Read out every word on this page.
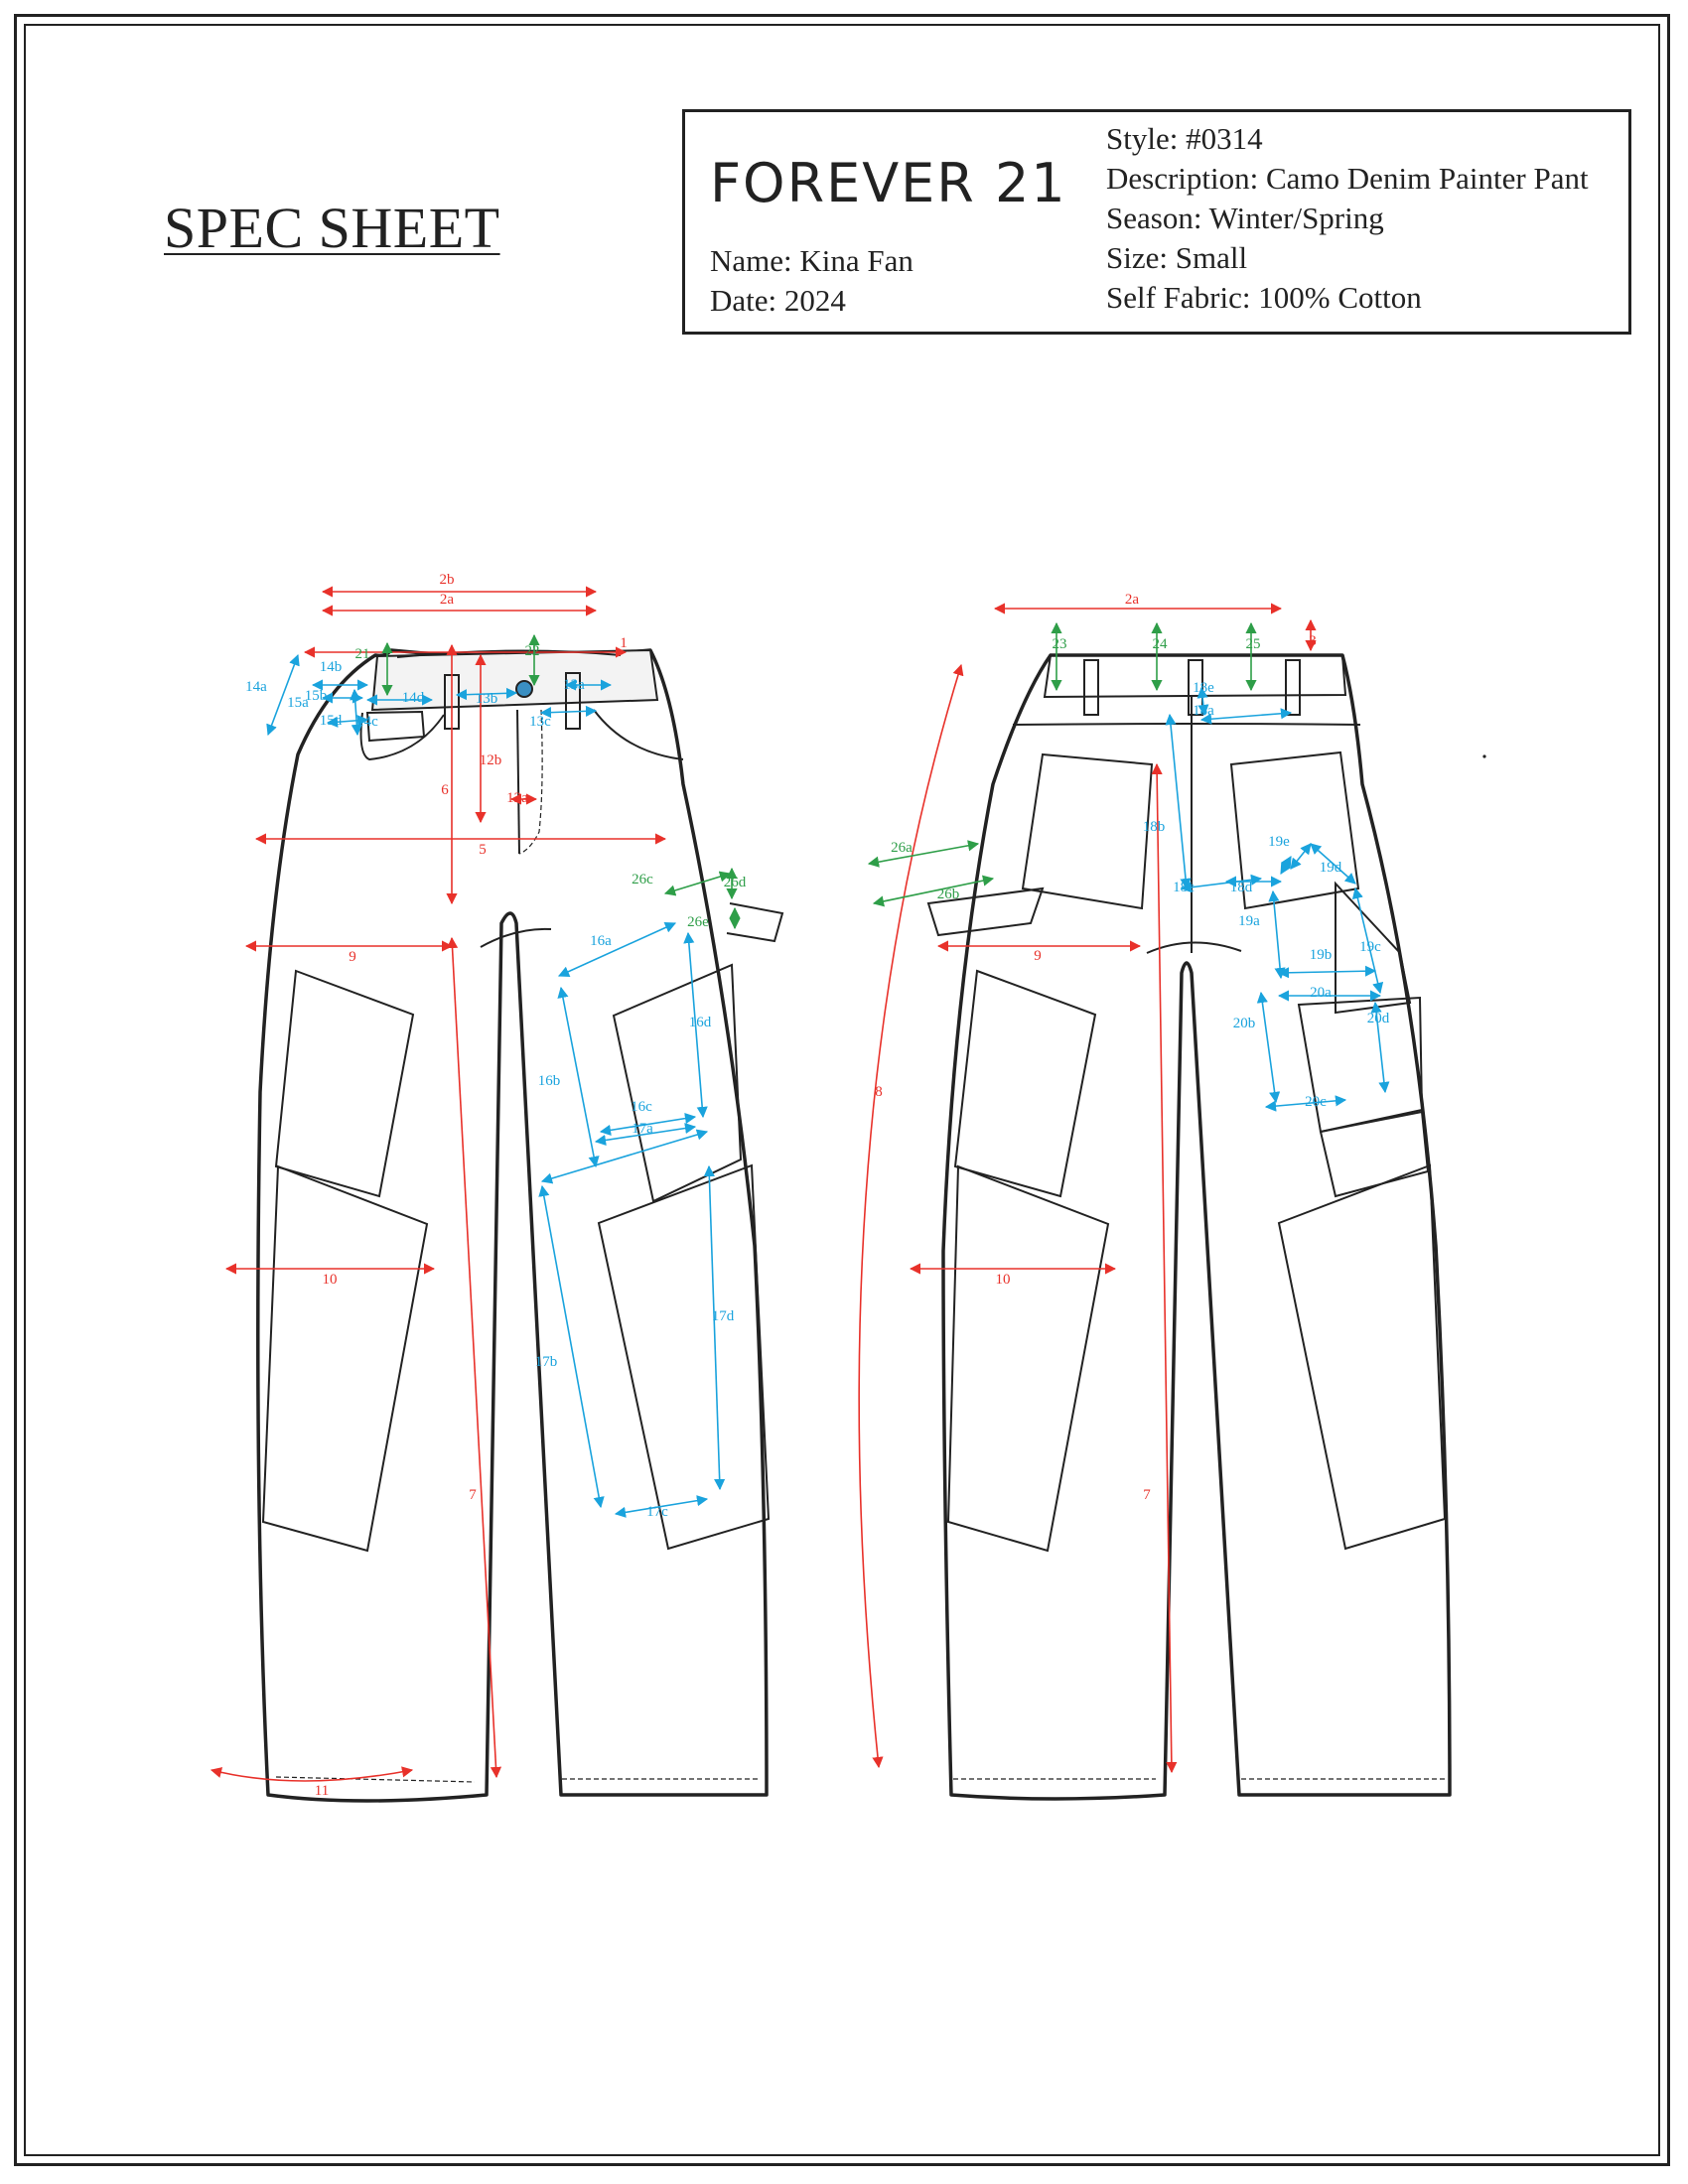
SPEC SHEET
FOREVER 21
Name: Kina Fan
Date: 2024
Style: #0314
Description: Camo Denim Painter Pant
Season: Winter/Spring
Size: Small
Self Fabric: 100% Cotton
2b
2a
1
6
12b
12a
5
9
10
7
11
14a
14b
15b
15a
15d 14c
14d	13b
13a
13c
16a
16b
16c
16d
17a
17b
17c
17d
21	22
26c	26d
26e
2a
3
8
9
10
7
18a
18b
18c 18d
18e
19a
19b 19c
19d
19e
20a
20b
20c
20d
23	24	25
26a
26b
